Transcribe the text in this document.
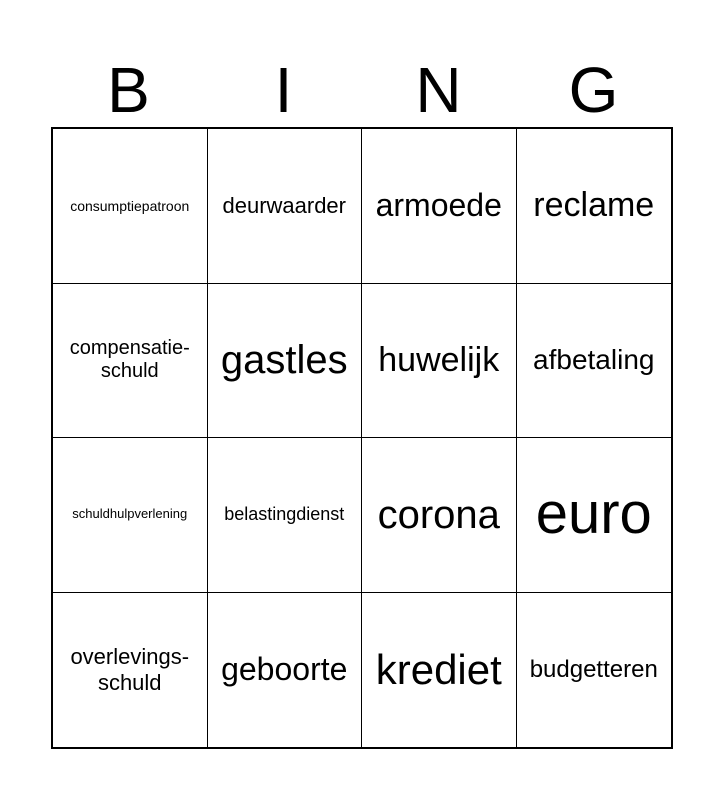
B	I	N	G
consumptiepatroon deurwaarder armoede reclame
compensatie-
schuld	gastles huwelijk afbetaling
schuldhulpverlening belastingdienst corona euro
overlevings-
schuld	geboorte krediet budgetteren
